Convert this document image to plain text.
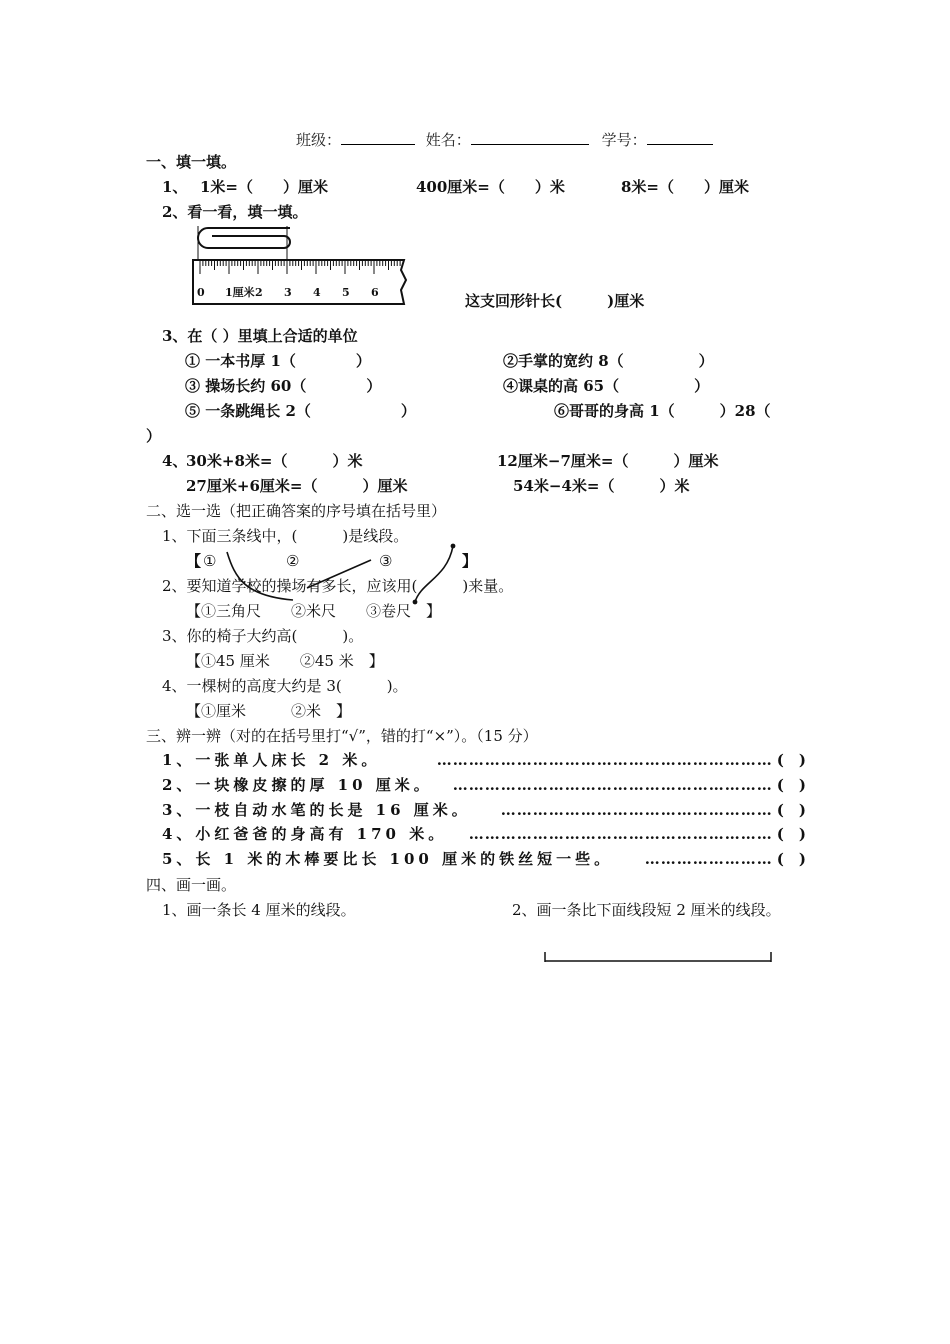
班级：	姓名：	学号：
一、填一填。
1、 1米=（　　）厘米	400厘米=（　　）米	8米=（　　）厘米
2、看一看，填一填。
0 1厘米 2 3 4 5 6	这支回形针长(　　　)厘米
3、在（ ）里填上合适的单位
① 一本书厚 1（　　　　）	②手掌的宽约 8（　　　　　）
③ 操场长约 60（　　　　）	④课桌的高 65（　　　　　）
⑤ 一条跳绳长 2（　　　　　　）	⑥哥哥的身高 1（　　　）28（
）
4、
30米+8米=（　　　）米	12厘米−7厘米=（　　　）厘米
27厘米+6厘米=（　　　）厘米	54米−4米=（　　　）米
二、选一选（把正确答案的序号填在括号里）
1、下面三条线中，(　　　)是线段。
【 ①	②	③	】
2、要知道学校的操场有多长，应该用(　　　)来量。
【①三角尺　　②米尺　　③卷尺　】
3、你的椅子大约高(　　　)。
【①45 厘米　　②45 米　】
4、一棵树的高度大约是 3(　　　)。
【①厘米　　　②米　】
三、辨一辨（对的在括号里打“√”，错的打“×”）。（15 分）
1、一张单人床长 2 米。	……………………………………………………… (　)
2、一块橡皮擦的厚 10 厘米。	…………………………………………………… (　)
3、一枝自动水笔的长是 16 厘米。	…………………………………………… (　)
4、小红爸爸的身高有 170 米。	………………………………………………… (　)
5、长 1 米的木棒要比长 100 厘米的铁丝短一些。	…………………… (　)
四、画一画。
1、画一条长 4 厘米的线段。	2、画一条比下面线段短 2 厘米的线段。
